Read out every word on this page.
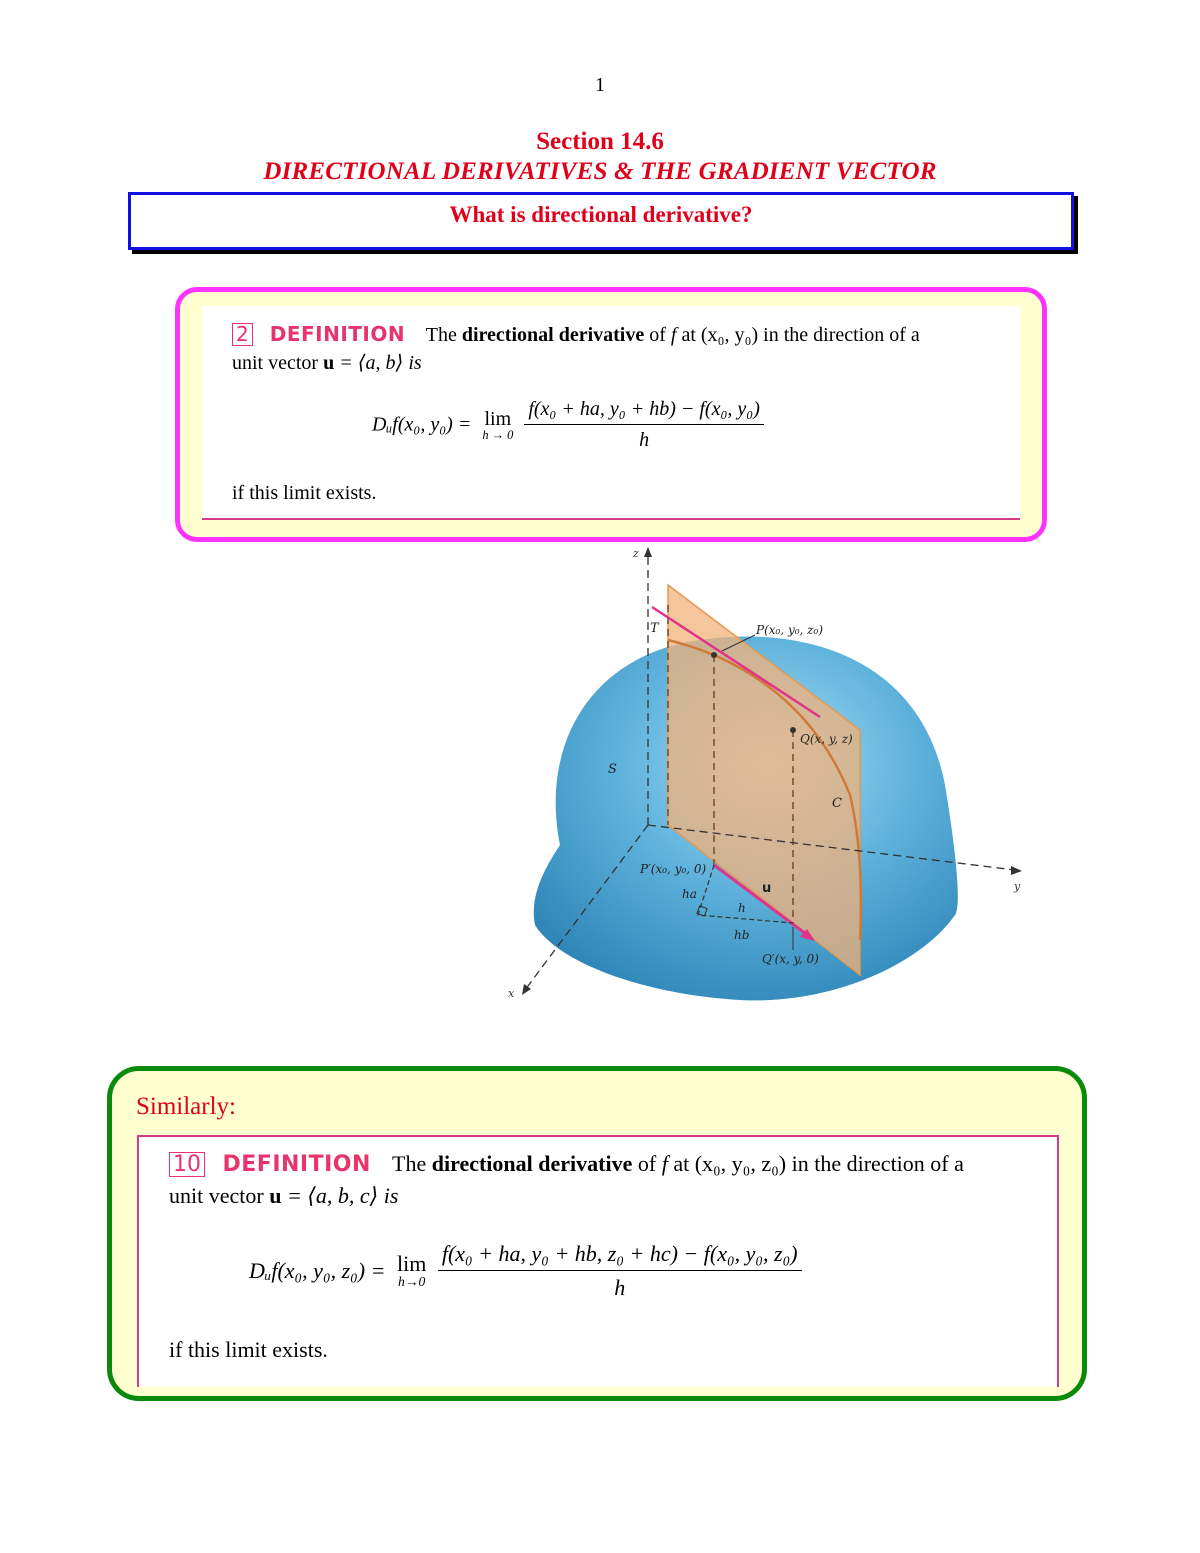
1
Section 14.6
DIRECTIONAL DERIVATIVES & THE GRADIENT VECTOR
What is directional derivative?
2 DEFINITION The directional derivative of f at (x₀, y₀) in the direction of a
unit vector u = ⟨a, b⟩ is
Dᵤf(x₀, y₀) = lim
h → 0
$\frac{\text{f(x₀ + ha, y₀ + hb) − f(x₀, y₀)}}{h}$
if this limit exists.
z
x
y
T
S
C
P(x₀, y₀, z₀)
Q(x, y, z)
P′(x₀, y₀, 0)
Q′(x, y, 0)
u
ha
h
hb
Similarly:
10 DEFINITION The directional derivative of f at (x₀, y₀, z₀) in the direction of a
unit vector u = ⟨a, b, c⟩ is
Dᵤf(x₀, y₀, z₀) = lim
h→0
$\frac{\text{f(x₀ + ha, y₀ + hb, z₀ + hc) − f(x₀, y₀, z₀)}}{h}$
if this limit exists.
